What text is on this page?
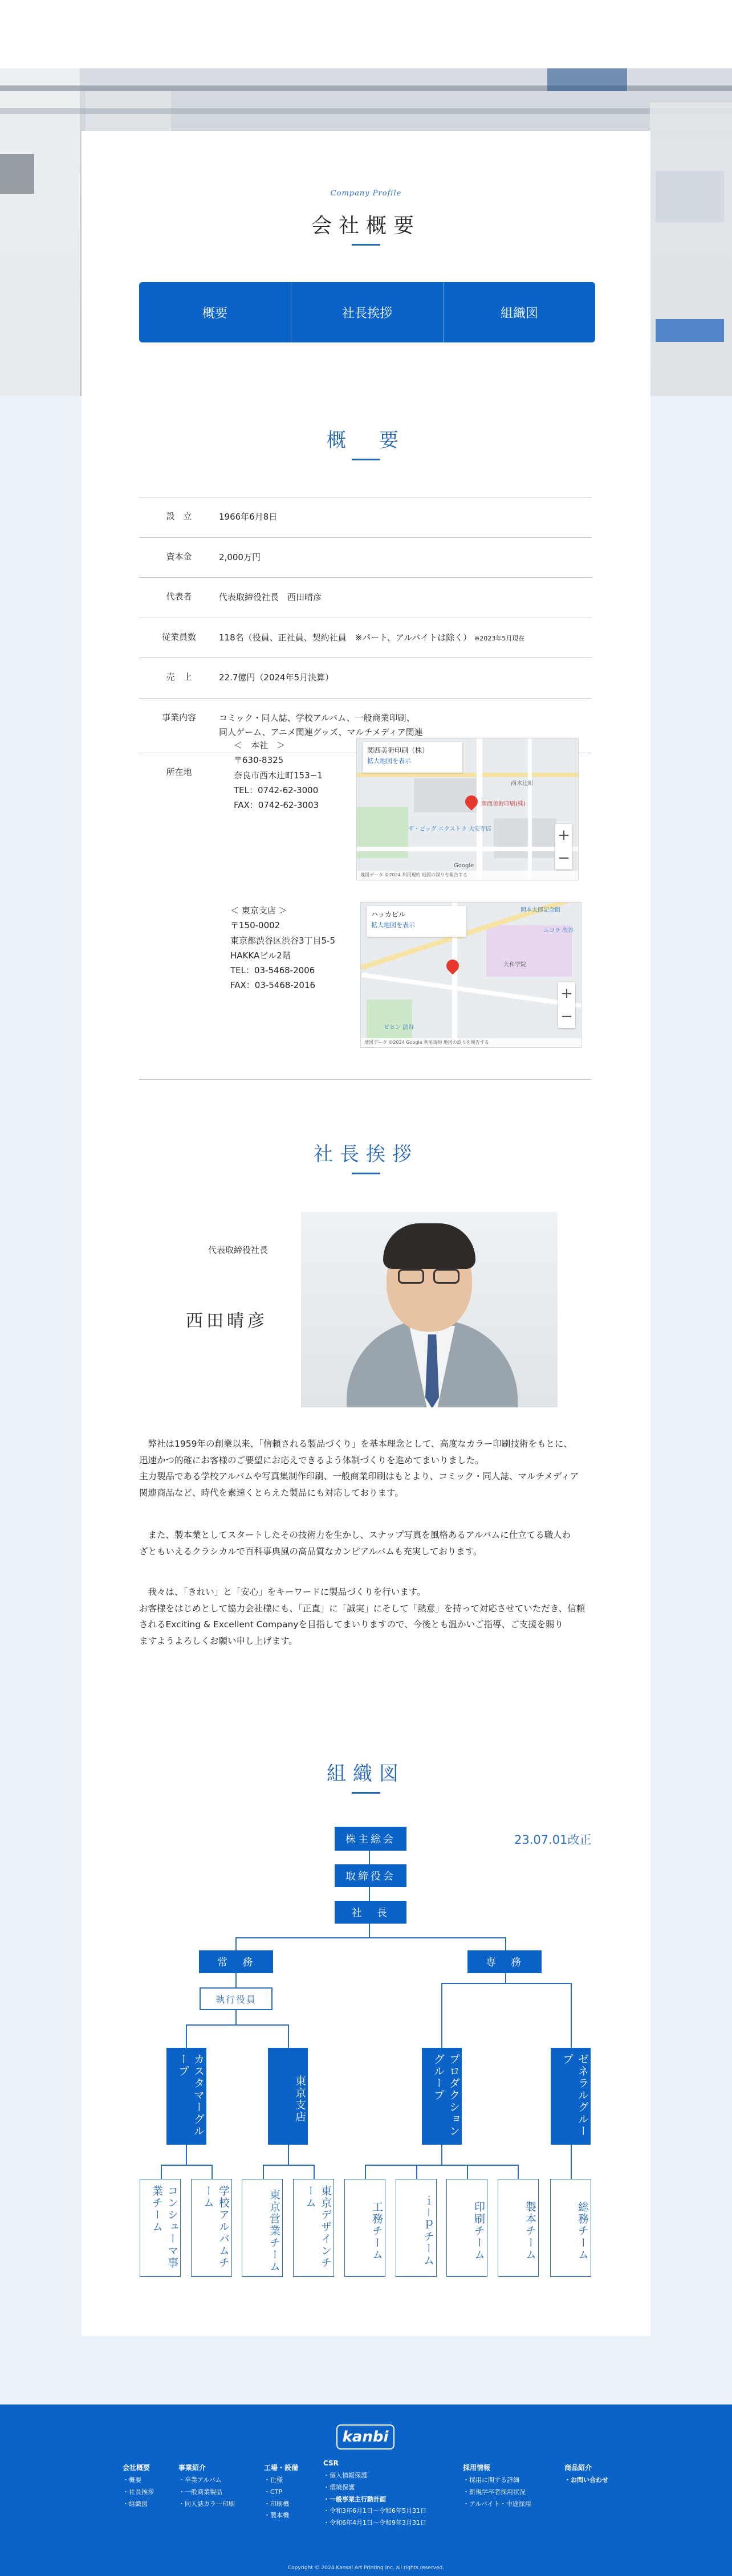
Company Profile
会社概要
概要	社長挨拶	組織図
概　要
設　立	1966年6月8日
資本金	2,000万円
代表者	代表取締役社長　西田晴彦
従業員数	118名（役員、正社員、契約社員　※パート、アルバイトは除く） ※2023年5月現在
売　上	22.7億円（2024年5月決算）
事業内容	コミック・同人誌、学校アルバム、一般商業印刷、
同人ゲーム、アニメ関連グッズ、マルチメディア関連
所在地
＜　本社　＞
〒630-8325
奈良市西木辻町153−1
TEL：0742-62-3000
FAX：0742-62-3003
関西美術印刷（株）
拡大地図を表示
関西美術印刷(株)
西木辻町
ザ・ビッグ エクストラ 大安寺店
Google
+
−
地図データ ©2024 利用規約 地図の誤りを報告する
＜ 東京支店 ＞
〒150-0002
東京都渋谷区渋谷3丁目5-5
HAKKAビル2階
TEL：03-5468-2006
FAX：03-5468-2016
ハッカビル
拡大地図を表示
岡本太郎記念館
ニコラ 渋谷
大和学院
ビヒン 渋谷
+
−
地図データ ©2024 Google 利用規約 地図の誤りを報告する
社長挨拶
代表取締役社長
西田晴彦
　弊社は1959年の創業以来、「信頼される製品づくり」を基本理念として、高度なカラー印刷技術をもとに、
迅速かつ的確にお客様のご要望にお応えできるよう体制づくりを進めてまいりました。
主力製品である学校アルバムや写真集制作印刷、一般商業印刷はもとより、コミック・同人誌、マルチメディア
関連商品など、時代を素速くとらえた製品にも対応しております。
　また、製本業としてスタートしたその技術力を生かし、スナップ写真を風格あるアルバムに仕立てる職人わ
ざともいえるクラシカルで百科事典風の高品質なカンピアルバムも充実しております。
　我々は、「きれい」と「安心」をキーワードに製品づくりを行います。
お客様をはじめとして協力会社様にも、「正直」に「誠実」にそして「熱意」を持って対応させていただき、信頼
されるExciting & Excellent Companyを目指してまいりますので、今後とも温かいご指導、ご支援を賜り
ますようよろしくお願い申し上げます。
組織図
23.07.01改正
株主総会
取締役会
社　長
常　務	専　務
執行役員
カスタマーグループ
東京支店	プロダクショングループ	ゼネラルグループ
コンシューマ事業チーム	学校アルバムチーム	東京営業チーム	東京デザインチーム
工務チーム	ｉ－ｐチーム	印刷チーム	製本チーム	総務チーム
kanbi
会社概要
・概要
・社長挨拶
・組織図
事業紹介
・卒業アルバム
・一般商業製品
・同人誌カラー印刷
工場・設備
・仕様
・CTP
・印刷機
・製本機
CSR
・個人情報保護
・環境保護
・一般事業主行動計画
・令和3年6月1日〜令和6年5月31日
・令和6年4月1日〜令和9年3月31日
採用情報
・採用に関する詳細
・新規学卒者採用状況
・アルバイト・中途採用
商品紹介
・お問い合わせ
Copyright © 2024 Kansai Art Printing Inc. all rights reserved.
